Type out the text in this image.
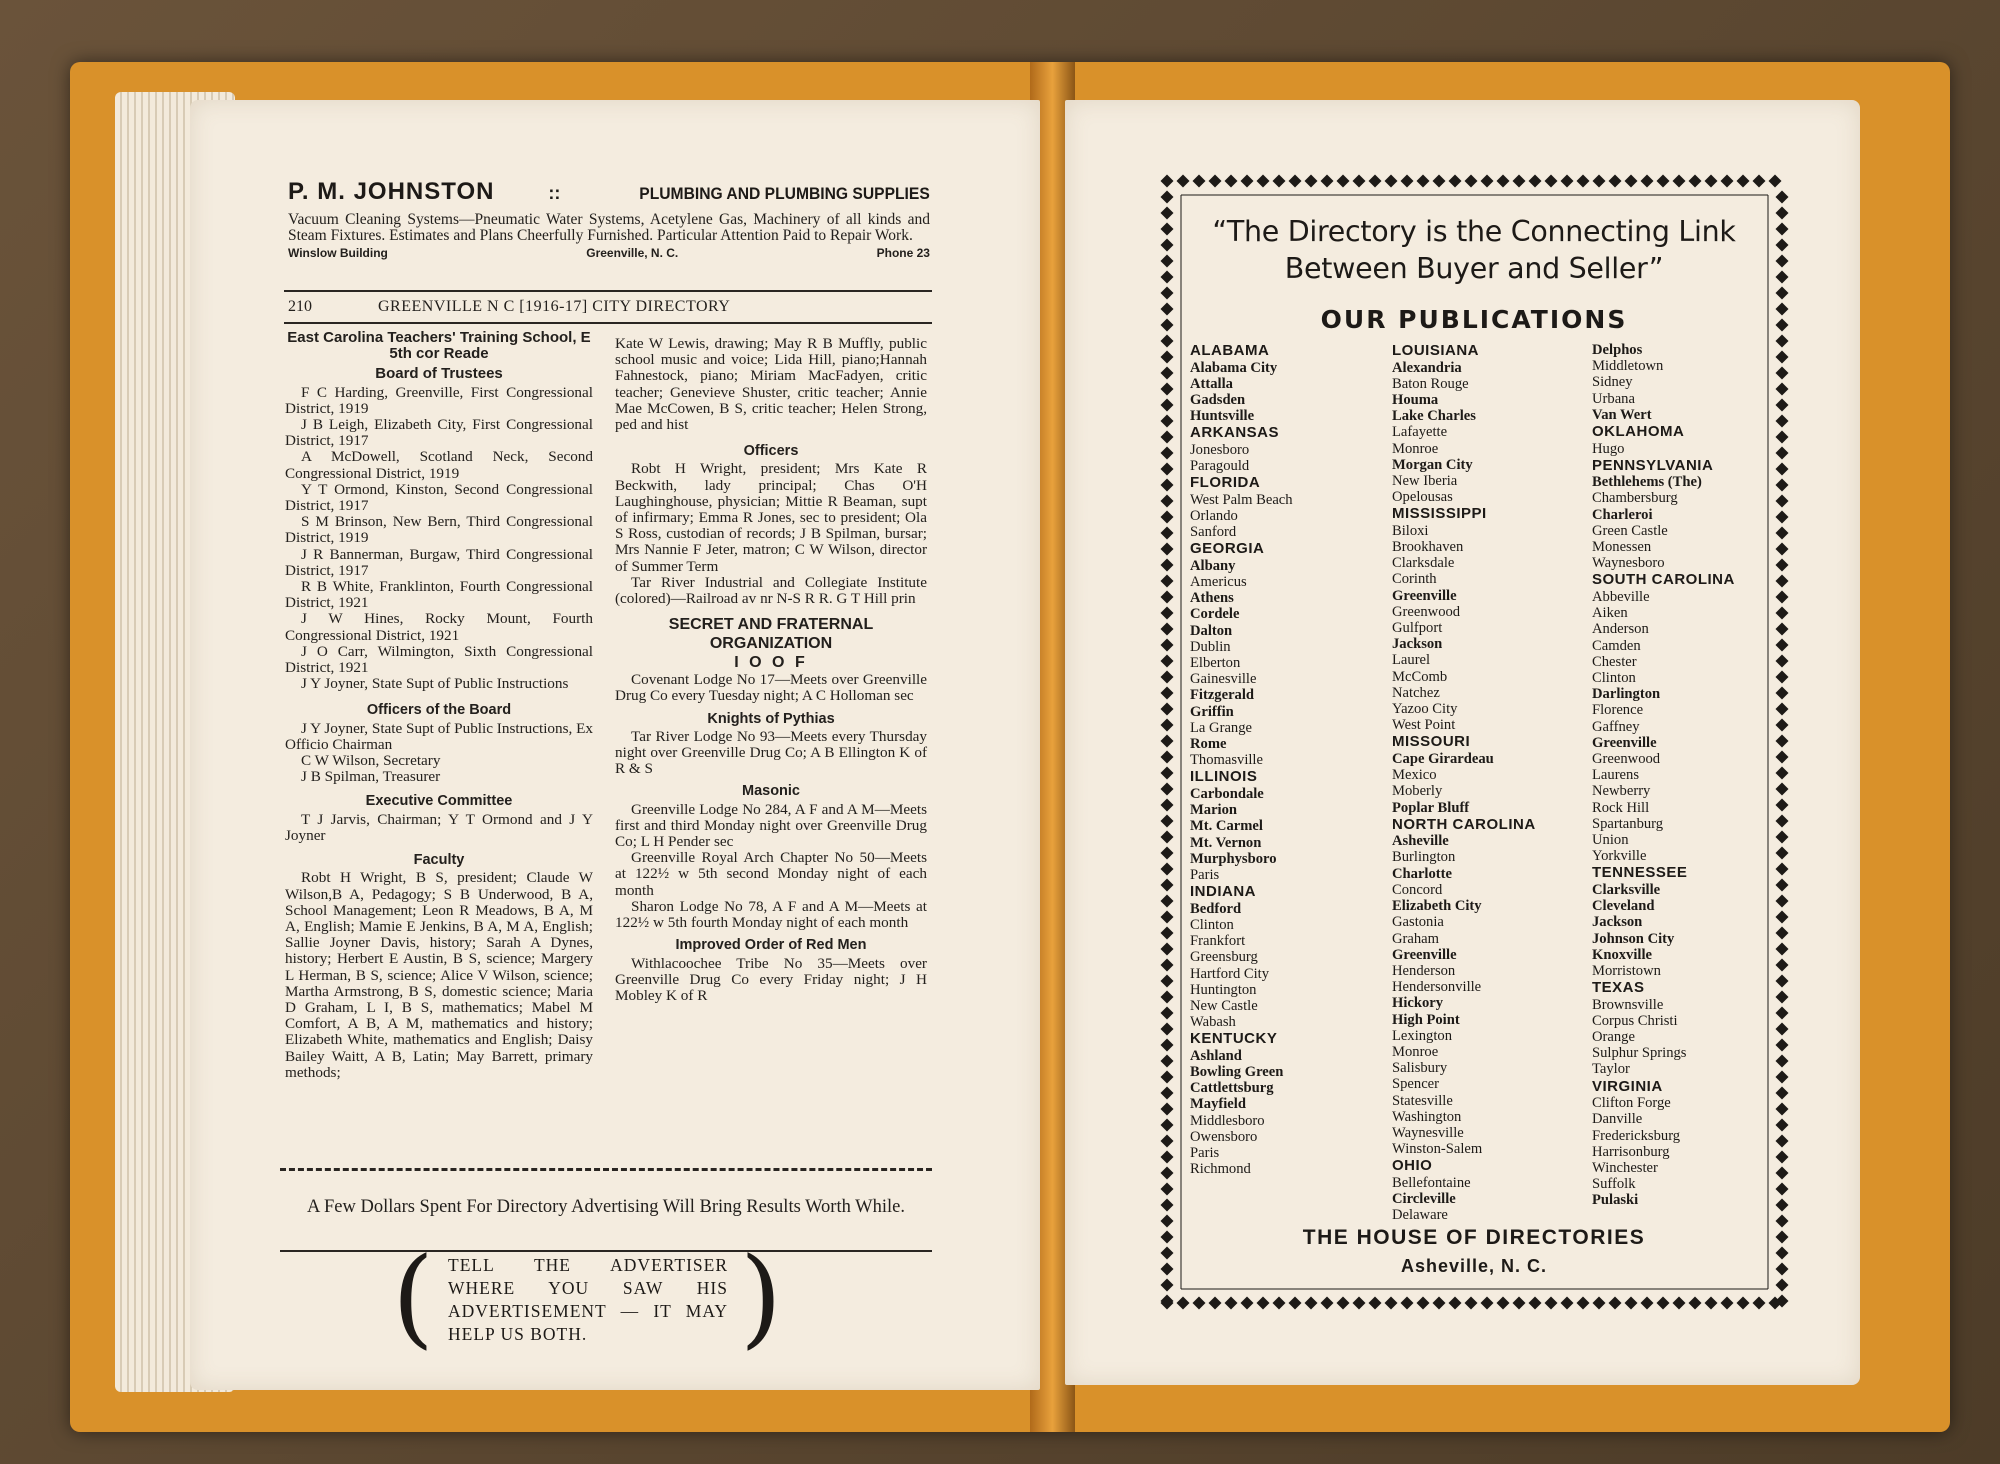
P. M. JOHNSTON	::	PLUMBING AND PLUMBING SUPPLIES
Vacuum Cleaning Systems—Pneumatic Water Systems, Acetylene Gas, Machinery of all kinds and Steam Fixtures. Estimates and Plans Cheerfully Furnished. Particular Attention Paid to Repair Work.
Winslow Building	Greenville, N. C.	Phone 23
210	GREENVILLE N C [1916-17] CITY DIRECTORY
East Carolina Teachers' Training School, E 5th cor Reade
Board of Trustees

F C Harding, Greenville, First Congressional District, 1919

J B Leigh, Elizabeth City, First Congressional District, 1917

A McDowell, Scotland Neck, Second Congressional District, 1919

Y T Ormond, Kinston, Second Congressional District, 1917

S M Brinson, New Bern, Third Congressional District, 1919

J R Bannerman, Burgaw, Third Congressional District, 1917

R B White, Franklinton, Fourth Congressional District, 1921

J W Hines, Rocky Mount, Fourth Congressional District, 1921

J O Carr, Wilmington, Sixth Congressional District, 1921

J Y Joyner, State Supt of Public Instructions

Officers of the Board

J Y Joyner, State Supt of Public Instructions, Ex Officio Chairman

C W Wilson, Secretary

J B Spilman, Treasurer

Executive Committee

T J Jarvis, Chairman; Y T Ormond and J Y Joyner

Faculty

Robt H Wright, B S, president; Claude W Wilson,B A, Pedagogy; S B Underwood, B A, School Management; Leon R Meadows, B A, M A, English; Mamie E Jenkins, B A, M A, English; Sallie Joyner Davis, history; Sarah A Dynes, history; Herbert E Austin, B S, science; Margery L Herman, B S, science; Alice V Wilson, science; Martha Armstrong, B S, domestic science; Maria D Graham, L I, B S, mathematics; Mabel M Comfort, A B, A M, mathematics and history; Elizabeth White, mathematics and English; Daisy Bailey Waitt, A B, Latin; May Barrett, primary methods;

Kate W Lewis, drawing; May R B Muffly, public school music and voice; Lida Hill, piano;Hannah Fahnestock, piano; Miriam MacFadyen, critic teacher; Genevieve Shuster, critic teacher; Annie Mae McCowen, B S, critic teacher; Helen Strong, ped and hist

Officers

Robt H Wright, president; Mrs Kate R Beckwith, lady principal; Chas O'H Laughinghouse, physician; Mittie R Beaman, supt of infirmary; Emma R Jones, sec to president; Ola S Ross, custodian of records; J B Spilman, bursar; Mrs Nannie F Jeter, matron; C W Wilson, director of Summer Term

Tar River Industrial and Collegiate Institute (colored)—Railroad av nr N-S R R. G T Hill prin

SECRET AND FRATERNAL ORGANIZATION
I O O F

Covenant Lodge No 17—Meets over Greenville Drug Co every Tuesday night; A C Holloman sec

Knights of Pythias

Tar River Lodge No 93—Meets every Thursday night over Greenville Drug Co; A B Ellington K of R & S

Masonic

Greenville Lodge No 284, A F and A M—Meets first and third Monday night over Greenville Drug Co; L H Pender sec

Greenville Royal Arch Chapter No 50—Meets at 122½ w 5th second Monday night of each month

Sharon Lodge No 78, A F and A M—Meets at 122½ w 5th fourth Monday night of each month

Improved Order of Red Men

Withlacoochee Tribe No 35—Meets over Greenville Drug Co every Friday night; J H Mobley K of R

A Few Dollars Spent For Directory Advertising Will Bring Results Worth While.
( TELL THE ADVERTISER WHERE YOU SAW HIS ADVERTISEMENT — IT MAY HELP US BOTH.	)
“The Directory is the Connecting Link Between Buyer and Seller”
OUR PUBLICATIONS
ALABAMA
Alabama City
Attalla
Gadsden
Huntsville
ARKANSAS
Jonesboro
Paragould
FLORIDA
West Palm Beach
Orlando
Sanford
GEORGIA
Albany
Americus
Athens
Cordele
Dalton
Dublin
Elberton
Gainesville
Fitzgerald
Griffin
La Grange
Rome
Thomasville
ILLINOIS
Carbondale
Marion
Mt. Carmel
Mt. Vernon
Murphysboro
Paris
INDIANA
Bedford
Clinton
Frankfort
Greensburg
Hartford City
Huntington
New Castle
Wabash
KENTUCKY
Ashland
Bowling Green
Cattlettsburg
Mayfield
Middlesboro
Owensboro
Paris
Richmond
LOUISIANA
Alexandria
Baton Rouge
Houma
Lake Charles
Lafayette
Monroe
Morgan City
New Iberia
Opelousas
MISSISSIPPI
Biloxi
Brookhaven
Clarksdale
Corinth
Greenville
Greenwood
Gulfport
Jackson
Laurel
McComb
Natchez
Yazoo City
West Point
MISSOURI
Cape Girardeau
Mexico
Moberly
Poplar Bluff
NORTH CAROLINA
Asheville
Burlington
Charlotte
Concord
Elizabeth City
Gastonia
Graham
Greenville
Henderson
Hendersonville
Hickory
High Point
Lexington
Monroe
Salisbury
Spencer
Statesville
Washington
Waynesville
Winston-Salem
OHIO
Bellefontaine
Circleville
Delaware
Delphos
Middletown
Sidney
Urbana
Van Wert
OKLAHOMA
Hugo
PENNSYLVANIA
Bethlehems (The)
Chambersburg
Charleroi
Green Castle
Monessen
Waynesboro
SOUTH CAROLINA
Abbeville
Aiken
Anderson
Camden
Chester
Clinton
Darlington
Florence
Gaffney
Greenville
Greenwood
Laurens
Newberry
Rock Hill
Spartanburg
Union
Yorkville
TENNESSEE
Clarksville
Cleveland
Jackson
Johnson City
Knoxville
Morristown
TEXAS
Brownsville
Corpus Christi
Orange
Sulphur Springs
Taylor
VIRGINIA
Clifton Forge
Danville
Fredericksburg
Harrisonburg
Winchester
Suffolk
Pulaski
THE HOUSE OF DIRECTORIES
Asheville, N. C.
